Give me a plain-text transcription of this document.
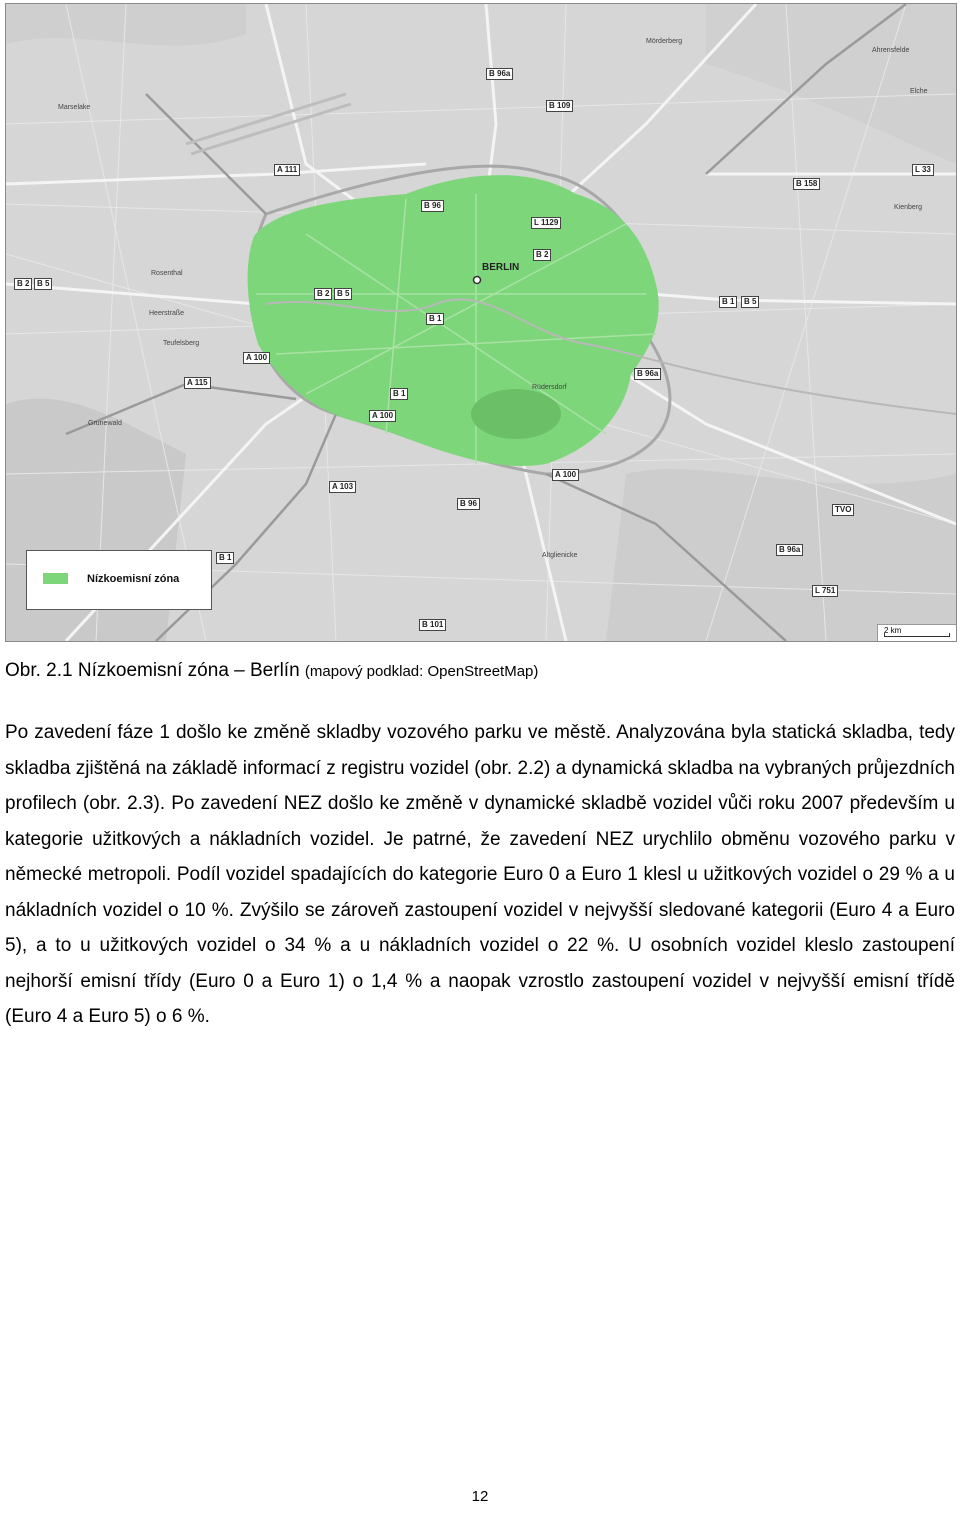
B 96a
B 109
A 111
B 96
L 1129
B 2
B 2 B 5
B 2 B 5
B 1
A 100
A 115
B 1
A 100
B 96a
A 100
A 103
B 96
B 1
B 101
B 158
L 33
B 1	B 5
TVO
B 96a
L 751
BERLIN
Mörderberg
Ahrensfelde
Elche
Marselake
Kienberg
Rosenthal
Heerstraße
Teufelsberg
Grunewald
Rüdersdorf
Altglienicke
Nízkoemisní zóna
2 km
Obr. 2.1 Nízkoemisní zóna – Berlín (mapový podklad: OpenStreetMap)
Po zavedení fáze 1 došlo ke změně skladby vozového parku ve městě. Analyzována byla statická skladba, tedy skladba zjištěná na základě informací z registru vozidel (obr. 2.2) a dynamická skladba na vybraných průjezdních profilech (obr. 2.3). Po zavedení NEZ došlo ke změně v dynamické skladbě vozidel vůči roku 2007 především u kategorie užitkových a nákladních vozidel. Je patrné, že zavedení NEZ urychlilo obměnu vozového parku v německé metropoli. Podíl vozidel spadajících do kategorie Euro 0 a Euro 1 klesl u užitkových vozidel o 29 % a u nákladních vozidel o 10 %. Zvýšilo se zároveň zastoupení vozidel v nejvyšší sledované kategorii (Euro 4 a Euro 5), a to u užitkových vozidel o 34 % a u nákladních vozidel o 22 %. U osobních vozidel kleslo zastoupení nejhorší emisní třídy (Euro 0 a Euro 1) o 1,4 % a naopak vzrostlo zastoupení vozidel v nejvyšší emisní třídě (Euro 4 a Euro 5) o 6 %.
12
